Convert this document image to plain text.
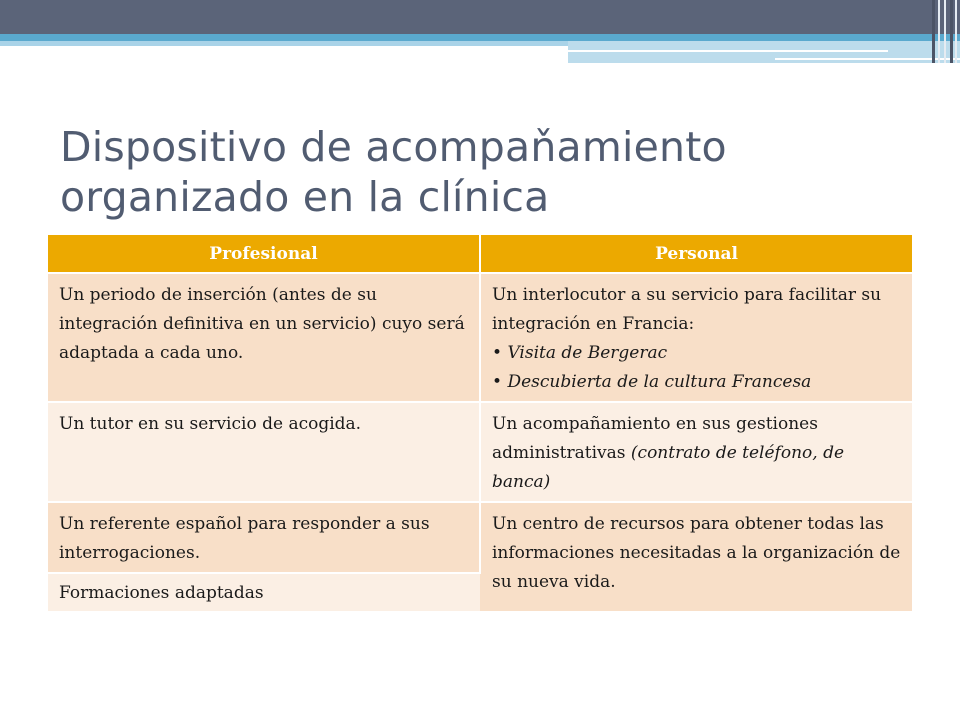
Dispositivo de acompaňamiento
organizado en la clínica
Profesional	Personal
Un periodo de inserción (antes de su integración definitiva en un servicio) cuyo será adaptada a cada uno.	Un interlocutor a su servicio para facilitar su integración en Francia:
• Visita de Bergerac
• Descubierta de la cultura Francesa

Un tutor en su servicio de acogida.	Un acompañamiento en sus gestiones administrativas (contrato de teléfono, de banca)
Un referente español para responder a sus interrogaciones.	Un centro de recursos para obtener todas las informaciones necesitadas a la organización de su nueva vida.
Formaciones adaptadas	
